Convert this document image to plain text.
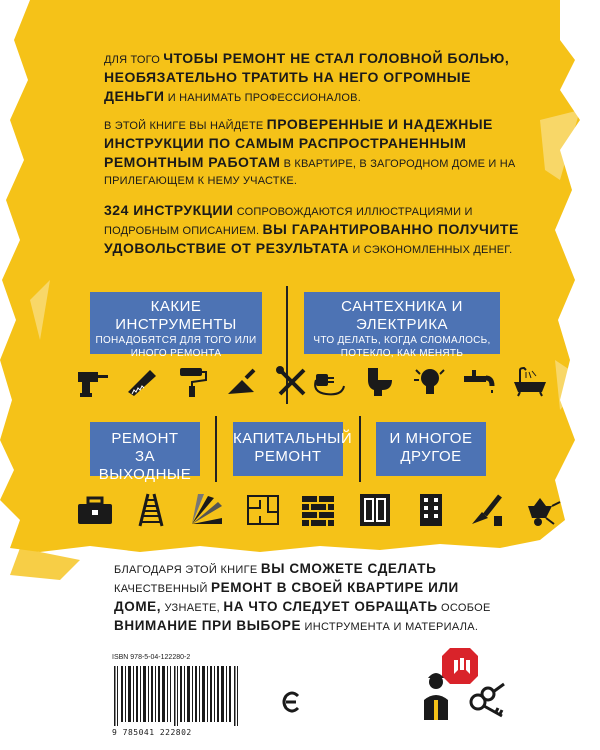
ДЛЯ ТОГО ЧТОБЫ РЕМОНТ НЕ СТАЛ ГОЛОВНОЙ БОЛЬЮ, НЕОБЯЗАТЕЛЬНО ТРАТИТЬ НА НЕГО ОГРОМНЫЕ ДЕНЬГИ И НАНИМАТЬ ПРОФЕССИОНАЛОВ.
В ЭТОЙ КНИГЕ ВЫ НАЙДЕТЕ ПРОВЕРЕННЫЕ И НАДЕЖНЫЕ ИНСТРУКЦИИ ПО САМЫМ РАСПРОСТРАНЕННЫМ РЕМОНТНЫМ РАБОТАМ В КВАРТИРЕ, В ЗАГОРОДНОМ ДОМЕ И НА ПРИЛЕГАЮЩЕМ К НЕМУ УЧАСТКЕ.
324 ИНСТРУКЦИИ СОПРОВОЖДАЮТСЯ ИЛЛЮСТРАЦИЯМИ И ПОДРОБНЫМ ОПИСАНИЕМ. ВЫ ГАРАНТИРОВАННО ПОЛУЧИТЕ УДОВОЛЬСТВИЕ ОТ РЕЗУЛЬТАТА И СЭКОНОМЛЕННЫХ ДЕНЕГ.
КАКИЕ ИНСТРУМЕНТЫ
ПОНАДОБЯТСЯ ДЛЯ ТОГО ИЛИ ИНОГО РЕМОНТА
САНТЕХНИКА И ЭЛЕКТРИКА
ЧТО ДЕЛАТЬ, КОГДА СЛОМАЛОСЬ, ПОТЕКЛО, КАК МЕНЯТЬ
РЕМОНТ
ЗА ВЫХОДНЫЕ
КАПИТАЛЬНЫЙ
РЕМОНТ
И МНОГОЕ
ДРУГОЕ
БЛАГОДАРЯ ЭТОЙ КНИГЕ ВЫ СМОЖЕТЕ СДЕЛАТЬ КАЧЕСТВЕННЫЙ РЕМОНТ В СВОЕЙ КВАРТИРЕ ИЛИ ДОМЕ, УЗНАЕТЕ, НА ЧТО СЛЕДУЕТ ОБРАЩАТЬ ОСОБОЕ ВНИМАНИЕ ПРИ ВЫБОРЕ ИНСТРУМЕНТА И МАТЕРИАЛА.
ISBN 978-5-04-122280-2
9 785041 222802
